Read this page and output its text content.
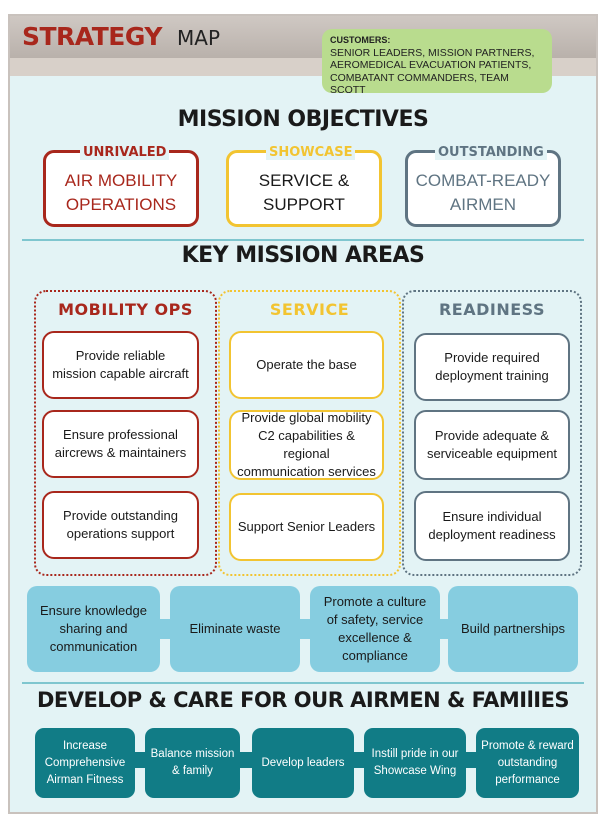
STRATEGY MAP	CUSTOMERS:
SENIOR LEADERS, MISSION PARTNERS,
AEROMEDICAL EVACUATION PATIENTS,
COMBATANT COMMANDERS, TEAM SCOTT
MISSION OBJECTIVES
AIR MOBILITY
OPERATIONS
UNRIVALED
SERVICE &
SUPPORT
SHOWCASE
COMBAT-READY
AIRMEN
OUTSTANDING
KEY MISSION AREAS
MOBILITY OPS	SERVICE	READINESS
Provide reliable
mission capable aircraft
Ensure professional
aircrews & maintainers
Provide outstanding
operations support
Operate the base
Provide global mobility
C2 capabilities & regional
communication services
Support Senior Leaders
Provide required
deployment training
Provide adequate &
serviceable equipment
Ensure individual
deployment readiness
Ensure knowledge
sharing and
communication
Eliminate waste
Promote a culture
of safety, service
excellence & compliance
Build partnerships
DEVELOP & CARE FOR OUR AIRMEN & FAMIlIES
Increase
Comprehensive
Airman Fitness
Balance mission
& family
Develop leaders
Instill pride in our
Showcase Wing
Promote & reward
outstanding
performance
